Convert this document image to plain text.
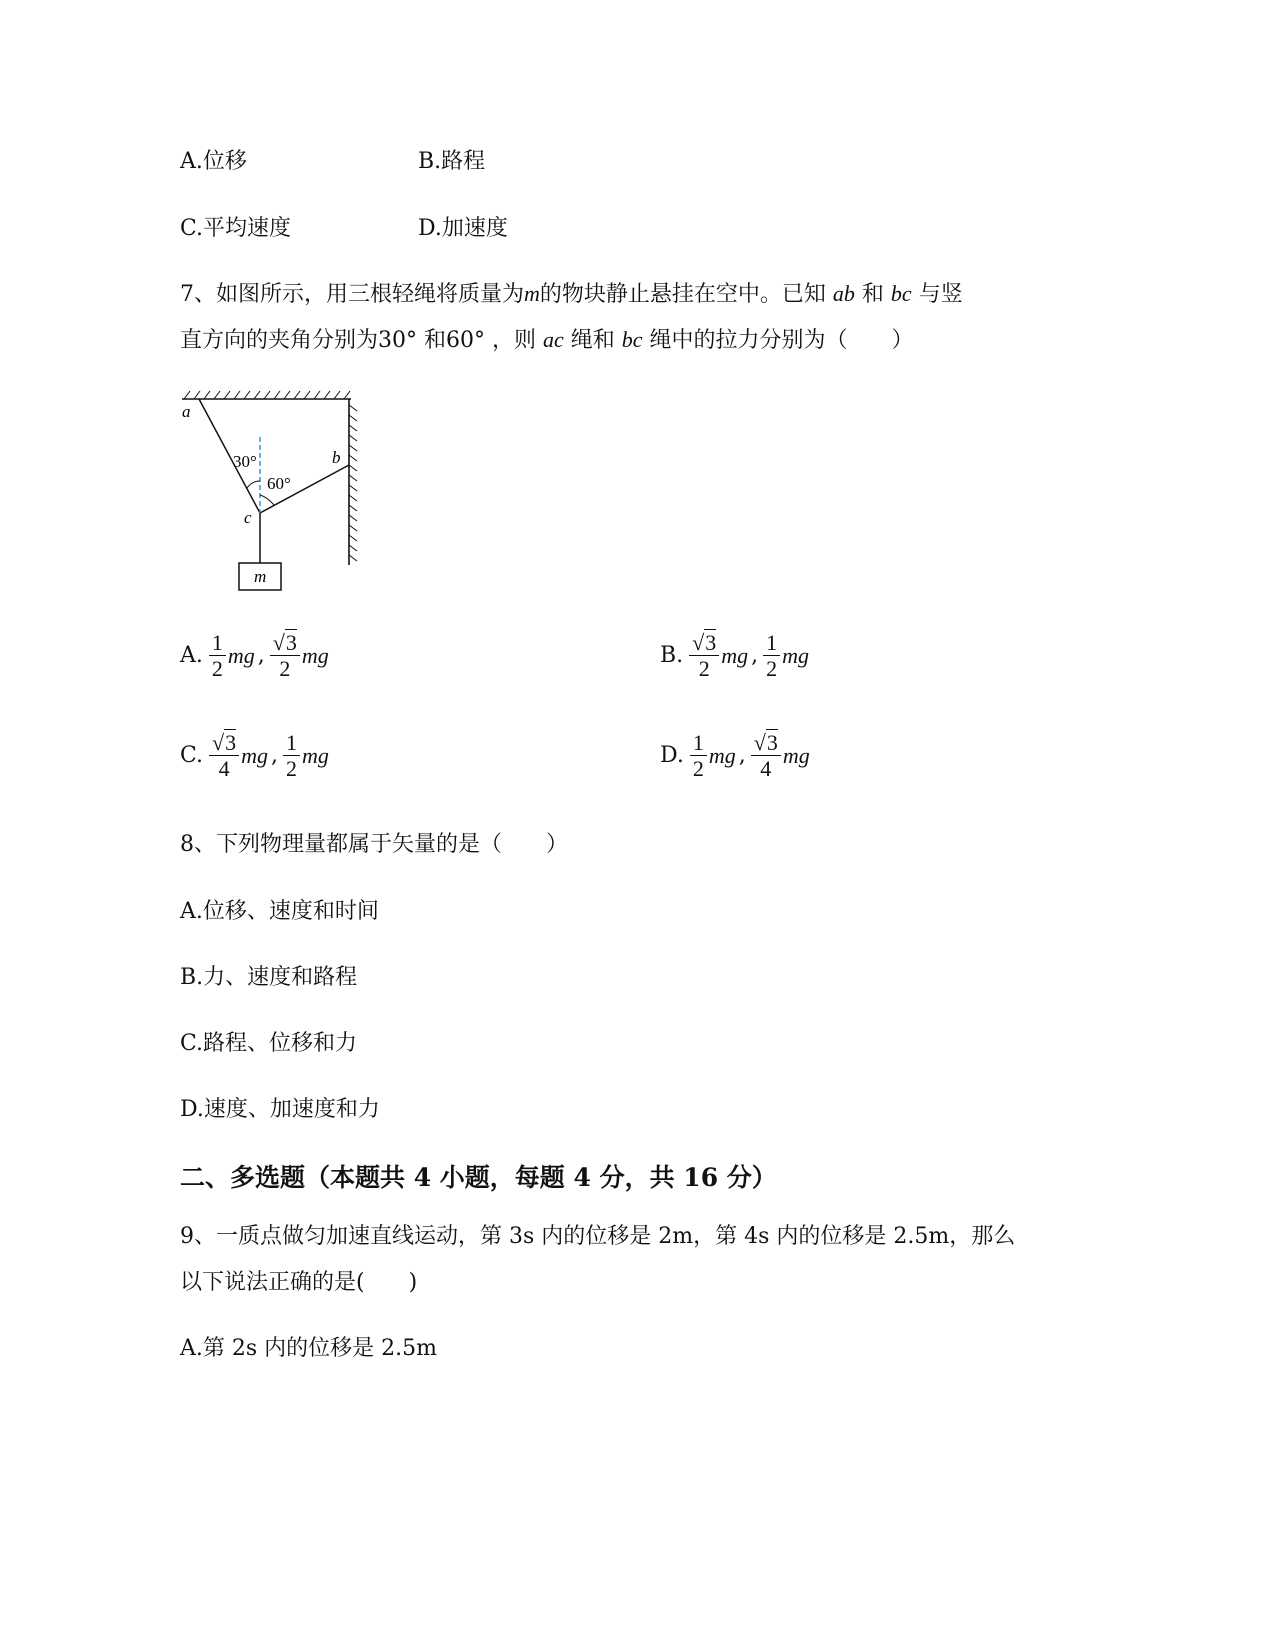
A.位移	B.路程
C.平均速度	D.加速度
7、如图所示，用三根轻绳将质量为m的物块静止悬挂在空中。已知 ab 和 bc 与竖
直方向的夹角分别为30° 和60° ，则 ac 绳和 bc 绳中的拉力分别为（　　）
a
b
c
m
30°
60°
A. $\frac{1}{2}$ mg , $\frac{√3}{2}$ mg	B. $\frac{√3}{2}$ mg , $\frac{1}{2}$ mg
C. $\frac{√3}{4}$ mg , $\frac{1}{2}$ mg	D. $\frac{1}{2}$ mg , $\frac{√3}{4}$ mg
8、下列物理量都属于矢量的是（　　）
A.位移、速度和时间
B.力、速度和路程
C.路程、位移和力
D.速度、加速度和力
二、多选题（本题共 4 小题，每题 4 分，共 16 分）
9、一质点做匀加速直线运动，第 3s 内的位移是 2m，第 4s 内的位移是 2.5m，那么
以下说法正确的是(　　)
A.第 2s 内的位移是 2.5m
